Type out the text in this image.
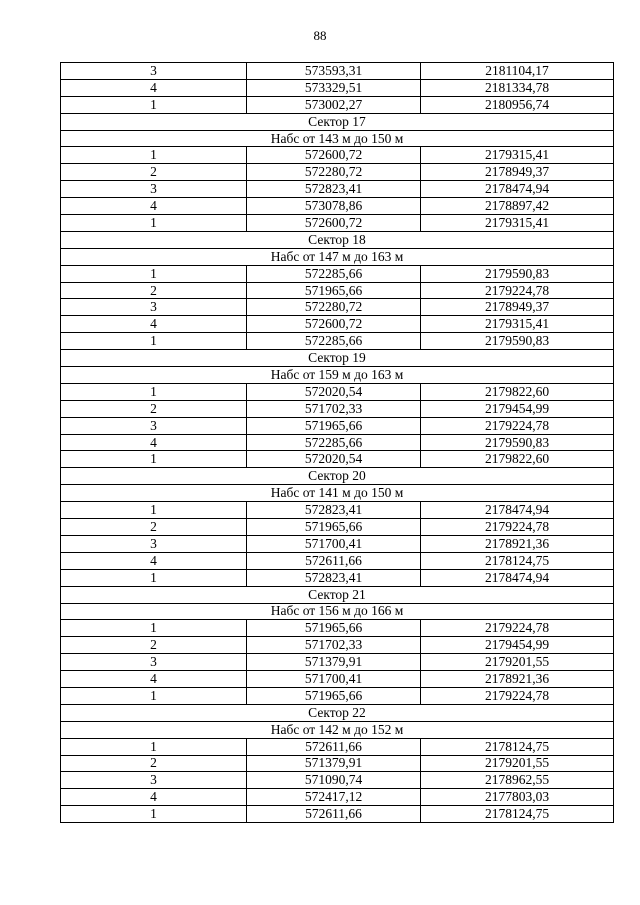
88
3	573593,31	2181104,17
4	573329,51	2181334,78
1	573002,27	2180956,74
Сектор 17		
Набс от 143 м до 150 м		
1	572600,72	2179315,41
2	572280,72	2178949,37
3	572823,41	2178474,94
4	573078,86	2178897,42
1	572600,72	2179315,41
Сектор 18		
Набс от 147 м до 163 м		
1	572285,66	2179590,83
2	571965,66	2179224,78
3	572280,72	2178949,37
4	572600,72	2179315,41
1	572285,66	2179590,83
Сектор 19		
Набс от 159 м до 163 м		
1	572020,54	2179822,60
2	571702,33	2179454,99
3	571965,66	2179224,78
4	572285,66	2179590,83
1	572020,54	2179822,60
Сектор 20		
Набс от 141 м до 150 м		
1	572823,41	2178474,94
2	571965,66	2179224,78
3	571700,41	2178921,36
4	572611,66	2178124,75
1	572823,41	2178474,94
Сектор 21		
Набс от 156 м до 166 м		
1	571965,66	2179224,78
2	571702,33	2179454,99
3	571379,91	2179201,55
4	571700,41	2178921,36
1	571965,66	2179224,78
Сектор 22		
Набс от 142 м до 152 м		
1	572611,66	2178124,75
2	571379,91	2179201,55
3	571090,74	2178962,55
4	572417,12	2177803,03
1	572611,66	2178124,75
